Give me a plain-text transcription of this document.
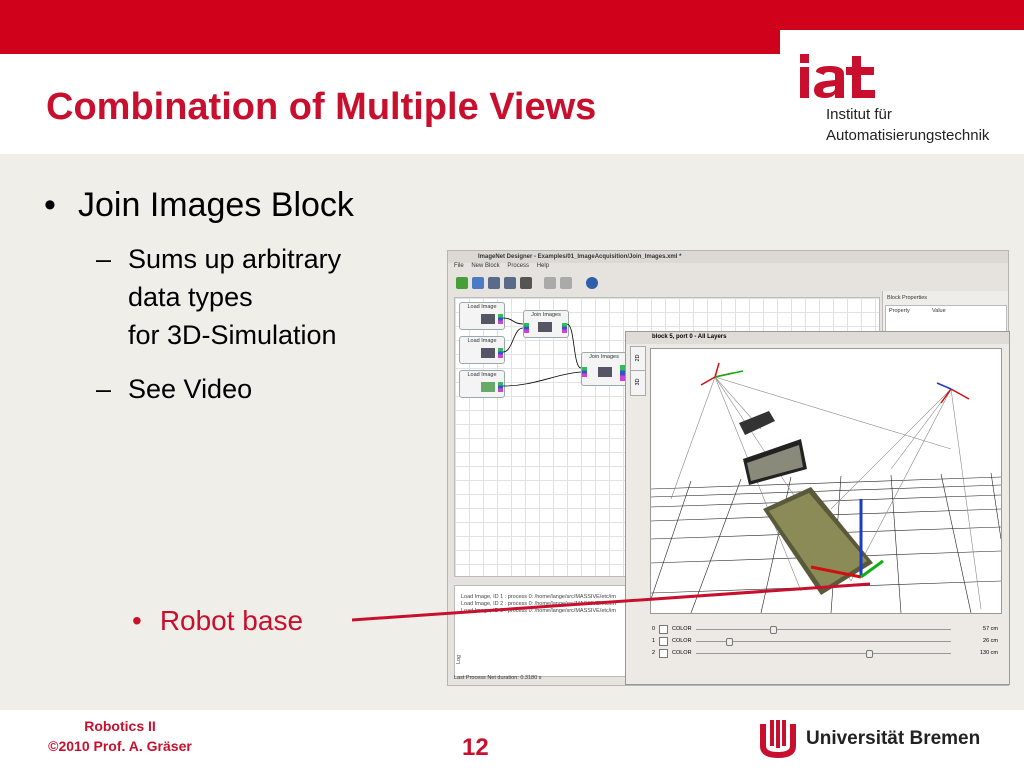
Combination of Multiple Views	Institut für
Automatisierungstechnik
• Join Images Block
– Sums up arbitrary
data types
for 3D-Simulation
– See Video
• Robot base
ImageNet Designer - Examples/01_ImageAcquisition/Join_Images.xml *
File New Block Process Help
Load Image
Load Image
Load Image
Join Images
Join Images
Block Properties
Property	Value
Load Image, ID 1 : process 0: /home/lange/src/MASSIVE/etc/im
Load Image, ID 2 : process 0: /home/lange/src/MASSIVE/etc/im
Load Image, ID 3 : process 0: /home/lange/src/MASSIVE/etc/im
Log
Last Process Net duration: 0.3180 s
block 5, port 0 - All Layers
2D
3D
0	COLOR	57 cm
1	COLOR	26 cm
2	COLOR	130 cm
Robotics II
©2010 Prof. A. Gräser	12	Universität Bremen
